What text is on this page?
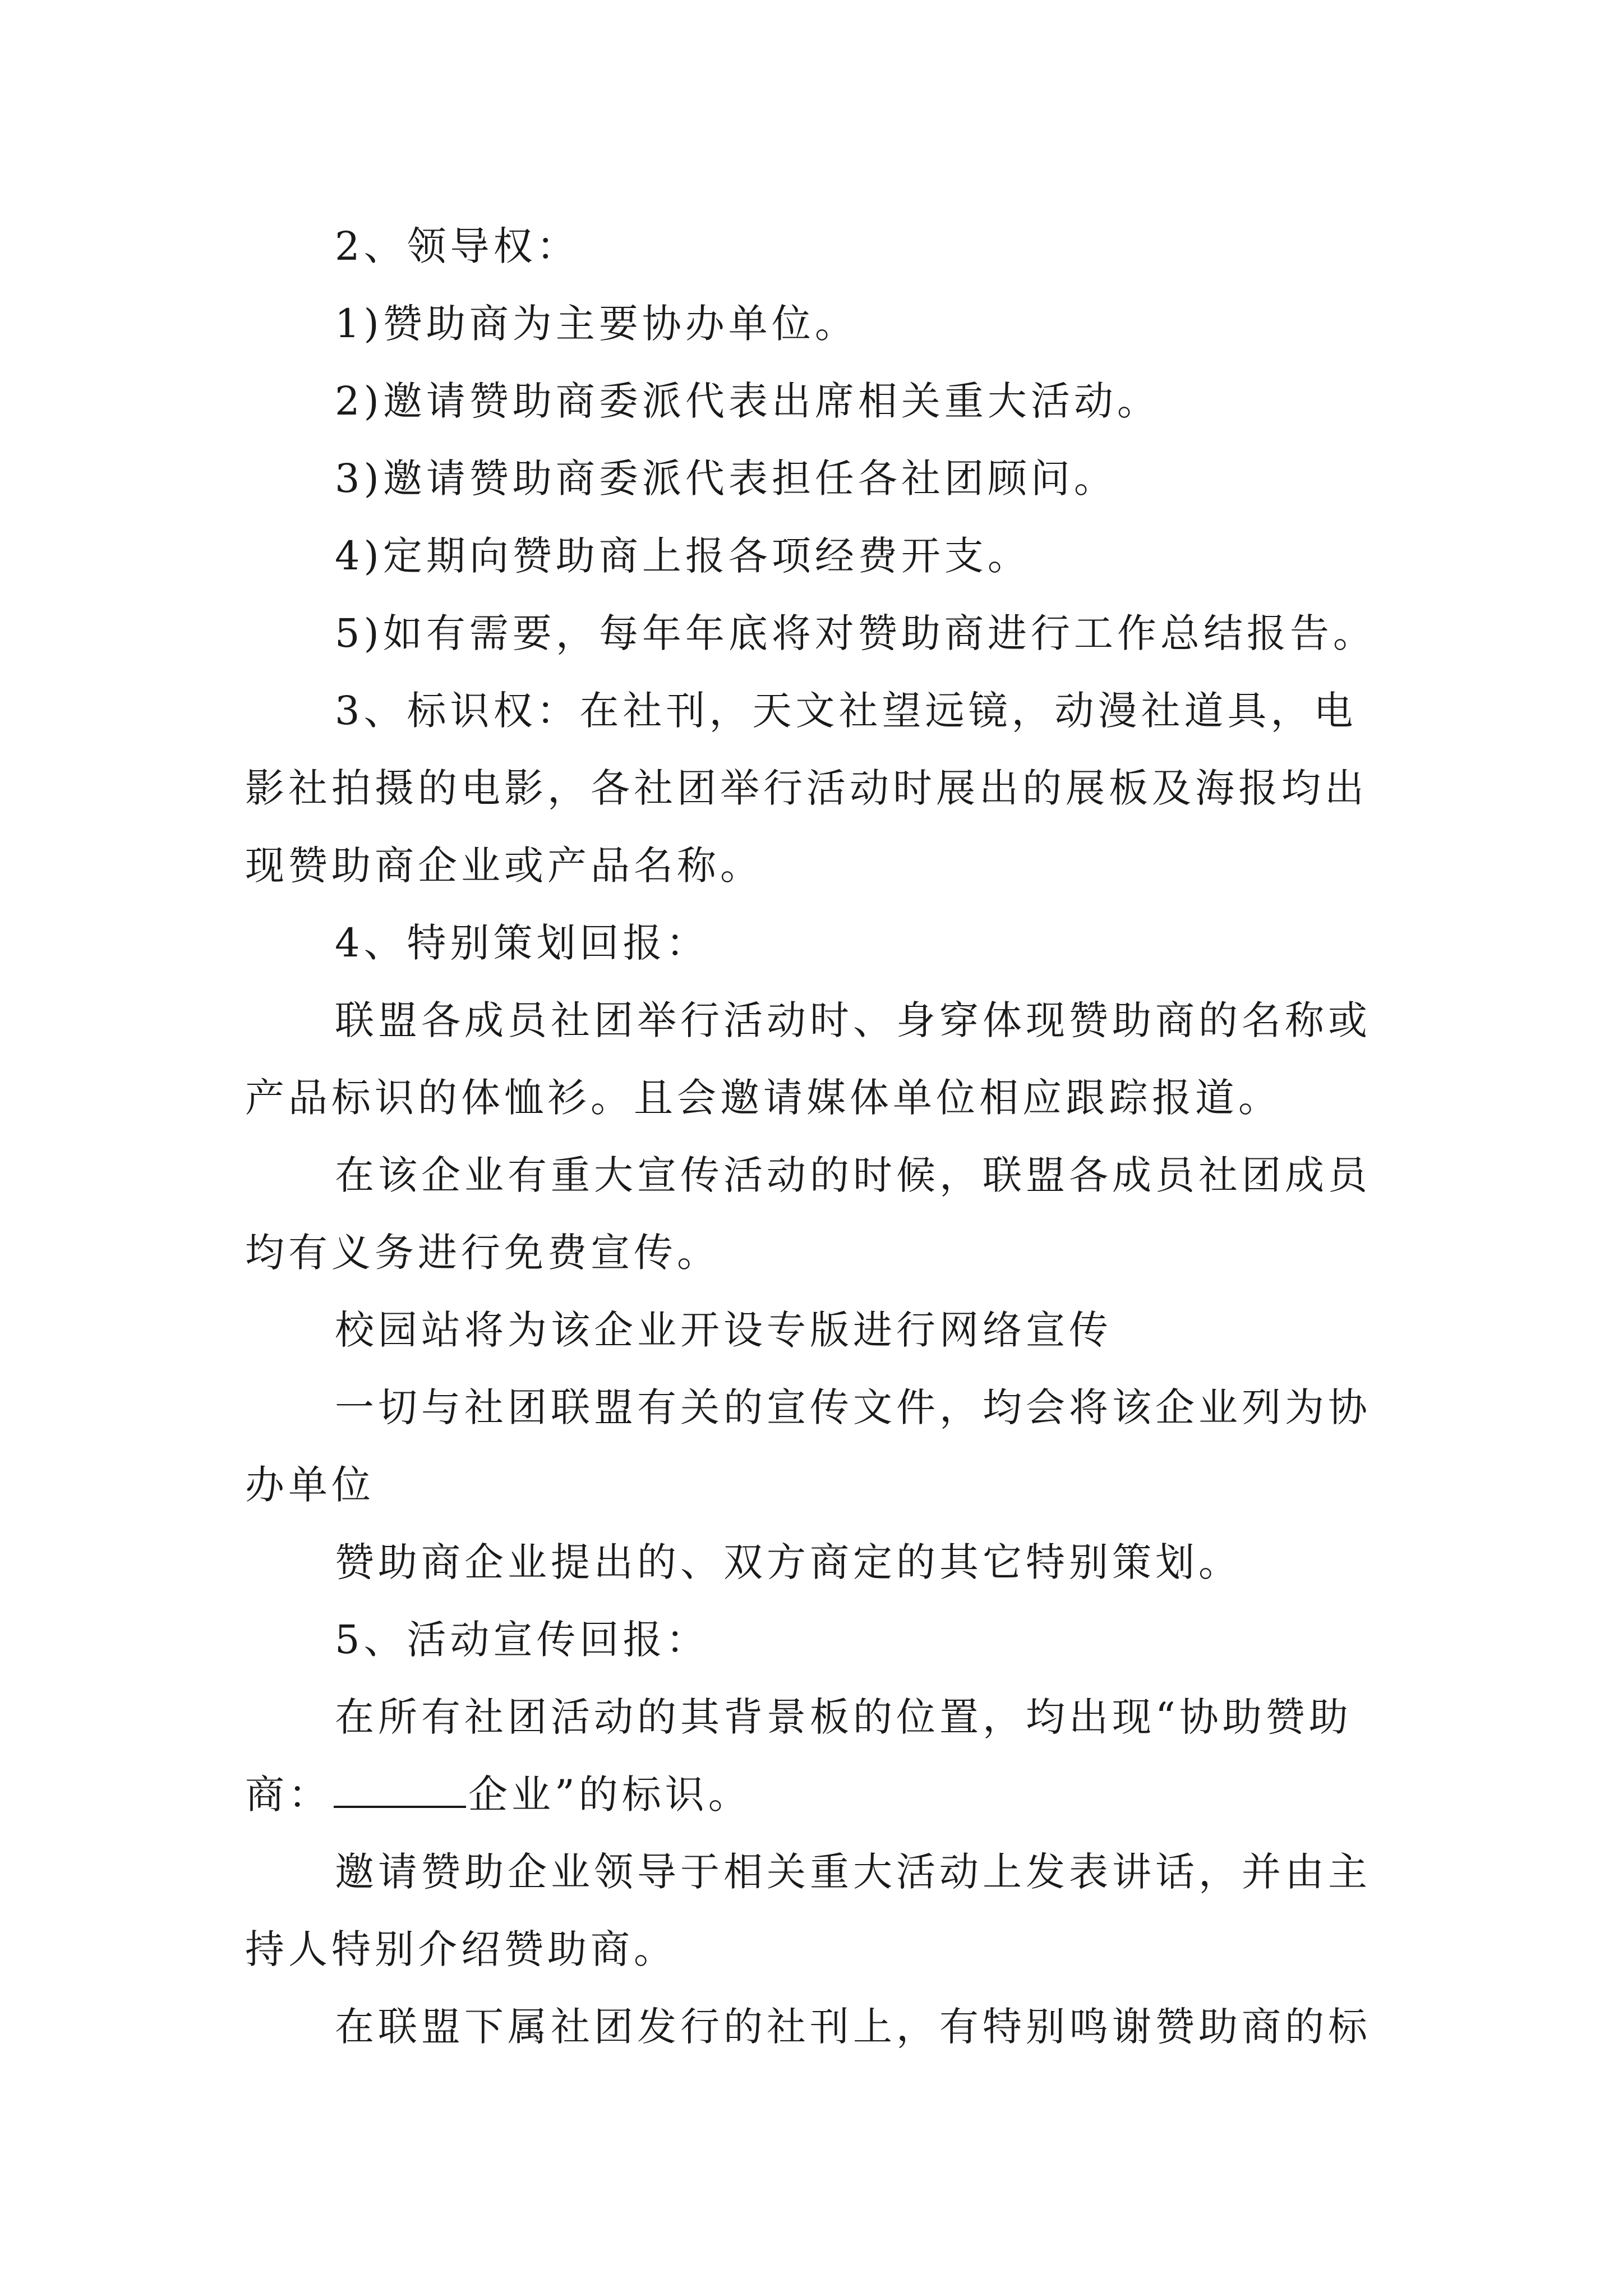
2、领导权：

1)赞助商为主要协办单位。

2)邀请赞助商委派代表出席相关重大活动。

3)邀请赞助商委派代表担任各社团顾问。

4)定期向赞助商上报各项经费开支。

5)如有需要，每年年底将对赞助商进行工作总结报告。

3、标识权：在社刊，天文社望远镜，动漫社道具，电影社拍摄的电影，各社团举行活动时展出的展板及海报均出现赞助商企业或产品名称。

4、特别策划回报：

联盟各成员社团举行活动时、身穿体现赞助商的名称或产品标识的体恤衫。且会邀请媒体单位相应跟踪报道。

在该企业有重大宣传活动的时候，联盟各成员社团成员均有义务进行免费宣传。

校园站将为该企业开设专版进行网络宣传

一切与社团联盟有关的宣传文件，均会将该企业列为协办单位

赞助商企业提出的、双方商定的其它特别策划。

5、活动宣传回报：

在所有社团活动的其背景板的位置，均出现“协助赞助商：	企业”的标识。

邀请赞助企业领导于相关重大活动上发表讲话，并由主持人特别介绍赞助商。

在联盟下属社团发行的社刊上，有特别鸣谢赞助商的标
